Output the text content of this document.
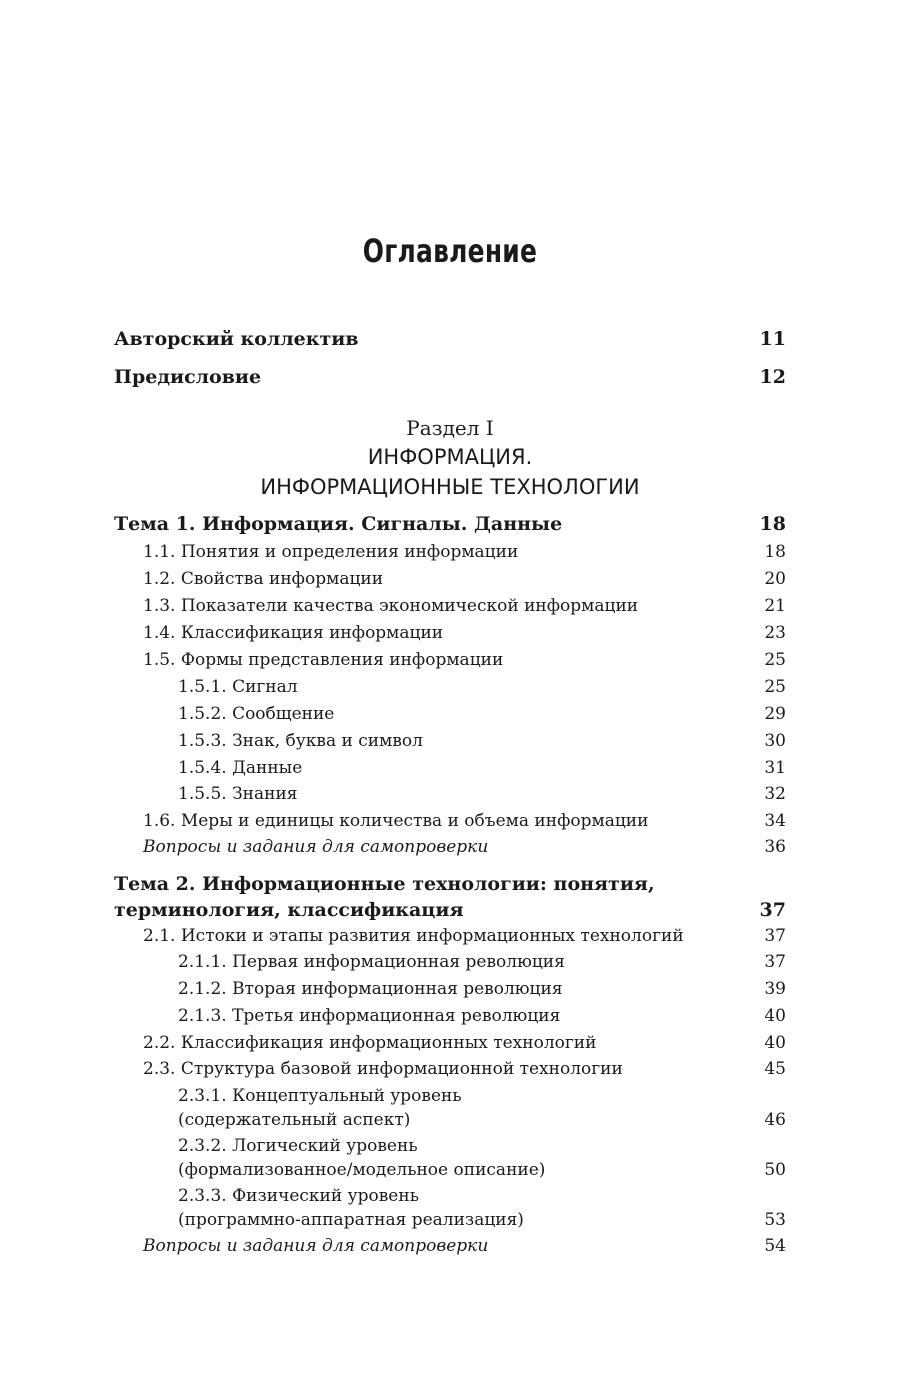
Оглавление
Авторский коллектив	11
Предисловие	12
Раздел I
ИНФОРМАЦИЯ.
ИНФОРМАЦИОННЫЕ ТЕХНОЛОГИИ
Тема 1. Информация. Сигналы. Данные	18
1.1. Понятия и определения информации	18
1.2. Свойства информации	20
1.3. Показатели качества экономической информации	21
1.4. Классификация информации	23
1.5. Формы представления информации	25
1.5.1. Сигнал	25
1.5.2. Сообщение	29
1.5.3. Знак, буква и символ	30
1.5.4. Данные	31
1.5.5. Знания	32
1.6. Меры и единицы количества и объема информации	34
Вопросы и задания для самопроверки	36
Тема 2. Информационные технологии: понятия,
терминология, классификация	37
2.1. Истоки и этапы развития информационных технологий	37
2.1.1. Первая информационная революция	37
2.1.2. Вторая информационная революция	39
2.1.3. Третья информационная революция	40
2.2. Классификация информационных технологий	40
2.3. Структура базовой информационной технологии	45
2.3.1. Концептуальный уровень
(содержательный аспект)	46
2.3.2. Логический уровень
(формализованное/модельное описание)	50
2.3.3. Физический уровень
(программно-аппаратная реализация)	53
Вопросы и задания для самопроверки	54
